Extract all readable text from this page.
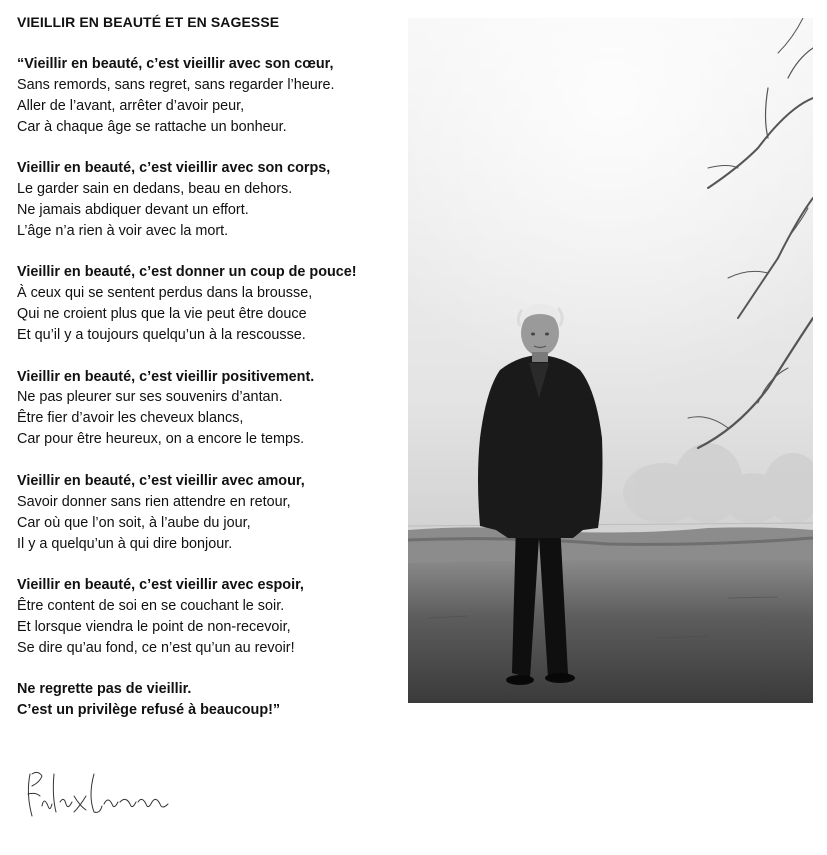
VIEILLIR EN BEAUTÉ ET EN SAGESSE
“Vieillir en beauté, c’est vieillir avec son cœur,
Sans remords, sans regret, sans regarder l’heure.
Aller de l’avant, arrêter d’avoir peur,
Car à chaque âge se rattache un bonheur.
Vieillir en beauté, c’est vieillir avec son corps,
Le garder sain en dedans, beau en dehors.
Ne jamais abdiquer devant un effort.
L’âge n’a rien à voir avec la mort.
Vieillir en beauté, c’est donner un coup de pouce!
À ceux qui se sentent perdus dans la brousse,
Qui ne croient plus que la vie peut être douce
Et qu’il y a toujours quelqu’un à la rescousse.
Vieillir en beauté, c’est vieillir positivement.
Ne pas pleurer sur ses souvenirs d’antan.
Être fier d’avoir les cheveux blancs,
Car pour être heureux, on a encore le temps.
Vieillir en beauté, c’est vieillir avec amour,
Savoir donner sans rien attendre en retour,
Car où que l’on soit, à l’aube du jour,
Il y a quelqu’un à qui dire bonjour.
Vieillir en beauté, c’est vieillir avec espoir,
Être content de soi en se couchant le soir.
Et lorsque viendra le point de non-recevoir,
Se dire qu’au fond, ce n’est qu’un au revoir!
Ne regrette pas de vieillir.
C’est un privilège refusé à beaucoup!”
